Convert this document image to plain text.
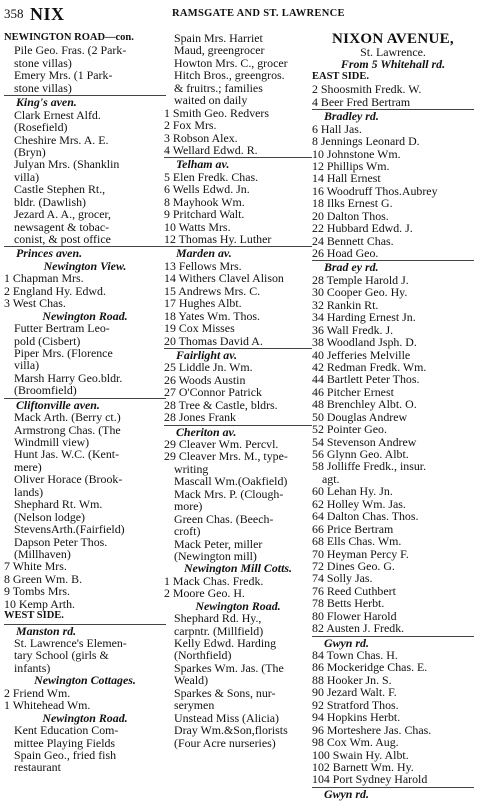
358 NIX	RAMSGATE AND ST. LAWRENCE
NEWINGTON ROAD—con.
Pile Geo. Fras. (2 Park-
stone villas)
Emery Mrs. (1 Park-
stone villas)
King's aven.
Clark Ernest Alfd.
(Rosefield)
Cheshire Mrs. A. E.
(Bryn)
Julyan Mrs. (Shanklin
villa)
Castle Stephen Rt.,
bldr. (Dawlish)
Jezard A. A., grocer,
newsagent & tobac-
conist, & post office
Princes aven.
Newington View.
1 Chapman Mrs.
2 England Hy. Edwd.
3 West Chas.
Newington Road.
Futter Bertram Leo-
pold (Cisbert)
Piper Mrs. (Florence
villa)
Marsh Harry Geo.bldr.
(Broomfield)
Cliftonville aven.
Mack Arth. (Berry ct.)
Armstrong Chas. (The
Windmill view)
Hunt Jas. W.C. (Kent-
mere)
Oliver Horace (Brook-
lands)
Shephard Rt. Wm.
(Nelson lodge)
StevensArth.(Fairfield)
Dapson Peter Thos.
(Millhaven)
7 White Mrs.
8 Green Wm. B.
9 Tombs Mrs.
10 Kemp Arth.
WEST SIDE.
Manston rd.
St. Lawrence's Elemen-
tary School (girls &
infants)
Newington Cottages.
2 Friend Wm.
1 Whitehead Wm.
Newington Road.
Kent Education Com-
mittee Playing Fields
Spain Geo., fried fish
restaurant
Spain Mrs. Harriet
Maud, greengrocer
Howton Mrs. C., grocer
Hitch Bros., greengros.
& fruitrs.; families
waited on daily
1 Smith Geo. Redvers
2 Fox Mrs.
3 Robson Alex.
4 Wellard Edwd. R.
Telham av.
5 Elen Fredk. Chas.
6 Wells Edwd. Jn.
8 Mayhook Wm.
9 Pritchard Walt.
10 Watts Mrs.
12 Thomas Hy. Luther
Marden av.
13 Fellows Mrs.
14 Withers Clavel Alison
15 Andrews Mrs. C.
17 Hughes Albt.
18 Yates Wm. Thos.
19 Cox Misses
20 Thomas David A.
Fairlight av.
25 Liddle Jn. Wm.
26 Woods Austin
27 O'Connor Patrick
28 Tree & Castle, bldrs.
28 Jones Frank
Cheriton av.
29 Cleaver Wm. Percvl.
29 Cleaver Mrs. M., type-
writing
Mascall Wm.(Oakfield)
Mack Mrs. P. (Clough-
more)
Green Chas. (Beech-
croft)
Mack Peter, miller
(Newington mill)
Newington Mill Cotts.
1 Mack Chas. Fredk.
2 Moore Geo. H.
Newington Road.
Shephard Rd. Hy.,
carpntr. (Millfield)
Kelly Edwd. Harding
(Northfield)
Sparkes Wm. Jas. (The
Weald)
Sparkes & Sons, nur-
serymen
Unstead Miss (Alicia)
Dray Wm.&Son,florists
(Four Acre nurseries)
NIXON AVENUE,
St. Lawrence.
From 5 Whitehall rd.
EAST SIDE.
2 Shoosmith Fredk. W.
4 Beer Fred Bertram
Bradley rd.
6 Hall Jas.
8 Jennings Leonard D.
10 Johnstone Wm.
12 Phillips Wm.
14 Hall Ernest
16 Woodruff Thos.Aubrey
18 Ilks Ernest G.
20 Dalton Thos.
22 Hubbard Edwd. J.
24 Bennett Chas.
26 Hoad Geo.
Brad ey rd.
28 Temple Harold J.
30 Cooper Geo. Hy.
32 Rankin Rt.
34 Harding Ernest Jn.
36 Wall Fredk. J.
38 Woodland Jsph. D.
40 Jefferies Melville
42 Redman Fredk. Wm.
44 Bartlett Peter Thos.
46 Pitcher Ernest
48 Brenchley Albt. O.
50 Douglas Andrew
52 Pointer Geo.
54 Stevenson Andrew
56 Glynn Geo. Albt.
58 Jolliffe Fredk., insur.
agt.
60 Lehan Hy. Jn.
62 Holley Wm. Jas.
64 Dalton Chas. Thos.
66 Price Bertram
68 Ells Chas. Wm.
70 Heyman Percy F.
72 Dines Geo. G.
74 Solly Jas.
76 Reed Cuthbert
78 Betts Herbt.
80 Flower Harold
82 Austen J. Fredk.
Gwyn rd.
84 Town Chas. H.
86 Mockeridge Chas. E.
88 Hooker Jn. S.
90 Jezard Walt. F.
92 Stratford Thos.
94 Hopkins Herbt.
96 Morteshere Jas. Chas.
98 Cox Wm. Aug.
100 Swain Hy. Albt.
102 Barnett Wm. Hy.
104 Port Sydney Harold
Gwyn rd.
